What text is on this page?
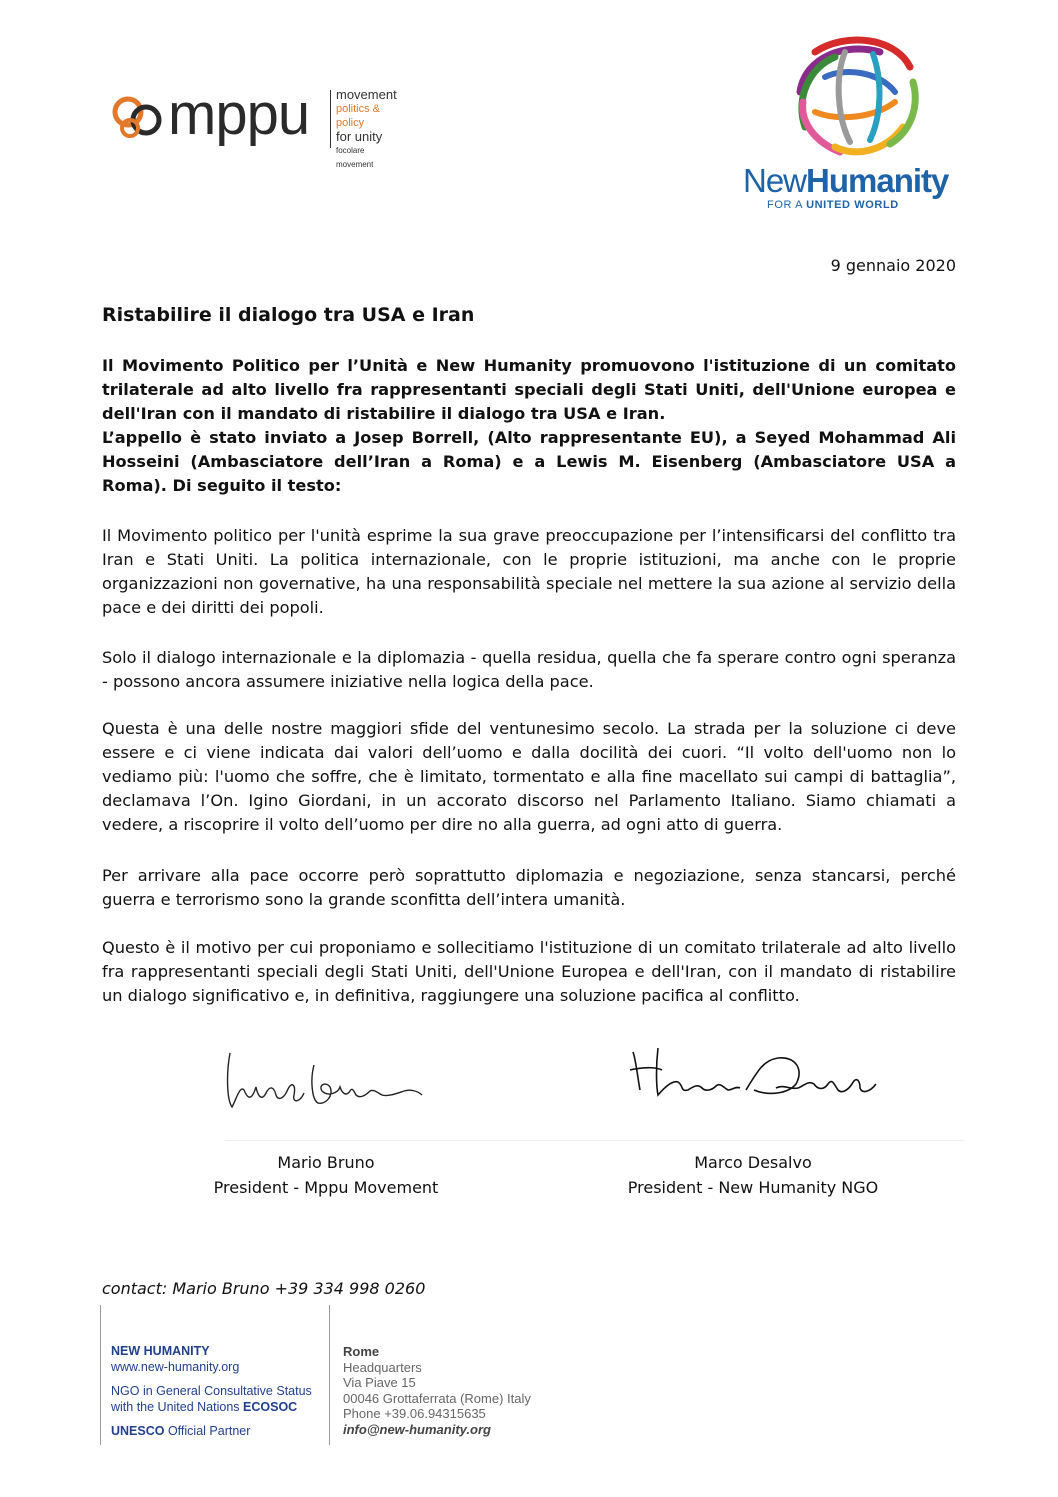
mppu movement
politics & policy
for unity
focolare movement	NewHumanity
FOR A UNITED WORLD
9 gennaio 2020
Ristabilire il dialogo tra USA e Iran

Il Movimento Politico per l’Unità e New Humanity promuovono l'istituzione di un comitato trilaterale ad alto livello fra rappresentanti speciali degli Stati Uniti, dell'Unione europea e dell'Iran con il mandato di ristabilire il dialogo tra USA e Iran.

L’appello è stato inviato a Josep Borrell, (Alto rappresentante EU), a Seyed Mohammad Ali Hosseini (Ambasciatore dell’Iran a Roma) e a Lewis M. Eisenberg (Ambasciatore USA a Roma). Di seguito il testo:

Il Movimento politico per l'unità esprime la sua grave preoccupazione per l’intensificarsi del conflitto tra Iran e Stati Uniti. La politica internazionale, con le proprie istituzioni, ma anche con le proprie organizzazioni non governative, ha una responsabilità speciale nel mettere la sua azione al servizio della pace e dei diritti dei popoli.

Solo il dialogo internazionale e la diplomazia - quella residua, quella che fa sperare contro ogni speranza - possono ancora assumere iniziative nella logica della pace.

Questa è una delle nostre maggiori sfide del ventunesimo secolo. La strada per la soluzione ci deve essere e ci viene indicata dai valori dell’uomo e dalla docilità dei cuori. “Il volto dell'uomo non lo vediamo più: l'uomo che soffre, che è limitato, tormentato e alla fine macellato sui campi di battaglia”, declamava l’On. Igino Giordani, in un accorato discorso nel Parlamento Italiano. Siamo chiamati a vedere, a riscoprire il volto dell’uomo per dire no alla guerra, ad ogni atto di guerra.

Per arrivare alla pace occorre però soprattutto diplomazia e negoziazione, senza stancarsi, perché guerra e terrorismo sono la grande sconfitta dell’intera umanità.

Questo è il motivo per cui proponiamo e sollecitiamo l'istituzione di un comitato trilaterale ad alto livello fra rappresentanti speciali degli Stati Uniti, dell'Unione Europea e dell'Iran, con il mandato di ristabilire un dialogo significativo e, in definitiva, raggiungere una soluzione pacifica al conflitto.

Mario Bruno
President - Mppu Movement
Marco Desalvo
President - New Humanity NGO
contact: Mario Bruno +39 334 998 0260
NEW HUMANITY
www.new-humanity.org
NGO in General Consultative Status
with the United Nations ECOSOC
UNESCO Official Partner
Rome
Headquarters
Via Piave 15
00046 Grottaferrata (Rome) Italy
Phone +39.06.94315635
info@new-humanity.org
